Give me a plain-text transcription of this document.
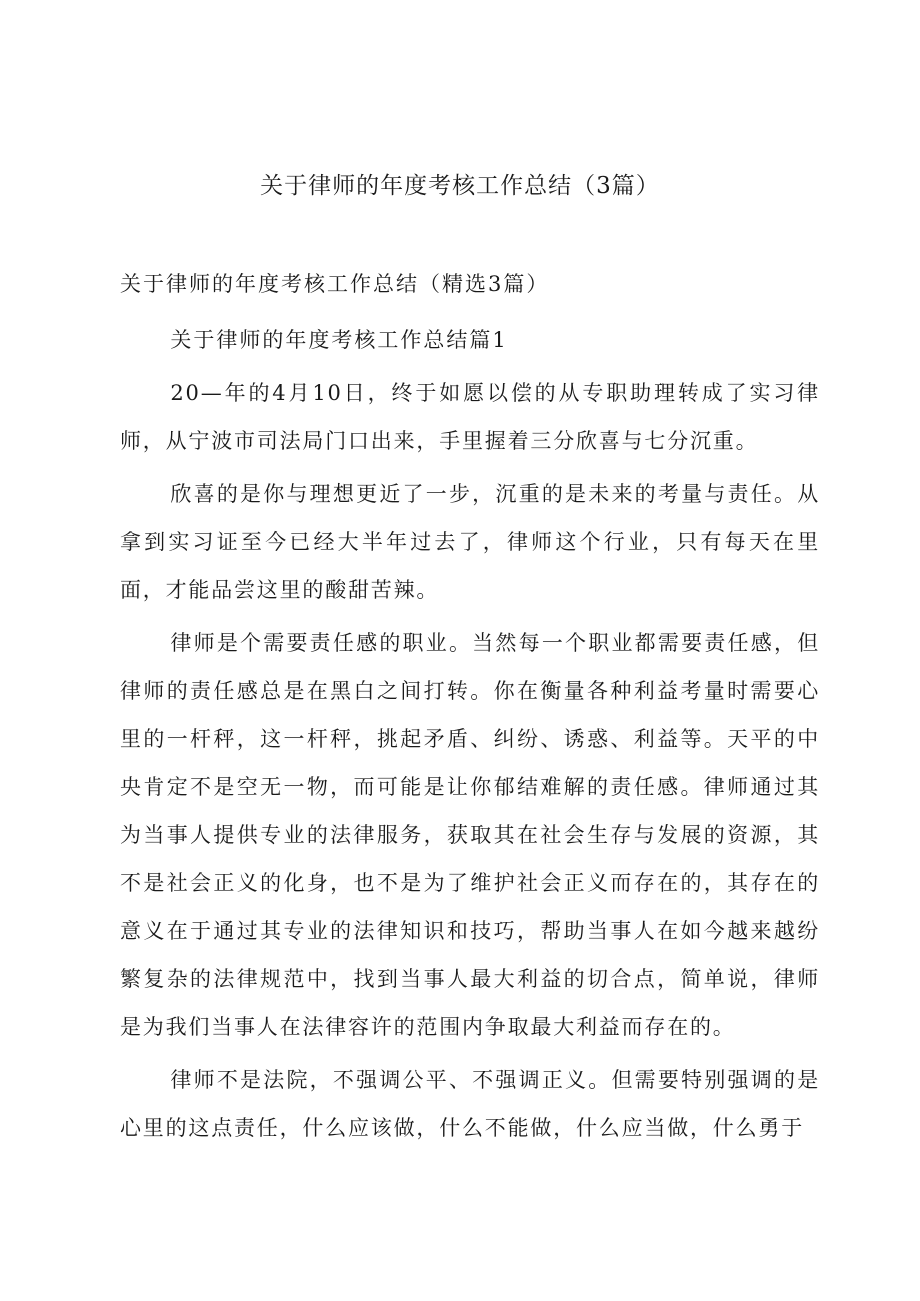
关于律师的年度考核工作总结（3篇）

关于律师的年度考核工作总结（精选3篇）

关于律师的年度考核工作总结篇1

20—年的4月10日，终于如愿以偿的从专职助理转成了实习律师，从宁波市司法局门口出来，手里握着三分欣喜与七分沉重。

欣喜的是你与理想更近了一步，沉重的是未来的考量与责任。从拿到实习证至今已经大半年过去了，律师这个行业，只有每天在里面，才能品尝这里的酸甜苦辣。

律师是个需要责任感的职业。当然每一个职业都需要责任感，但律师的责任感总是在黑白之间打转。你在衡量各种利益考量时需要心里的一杆秤，这一杆秤，挑起矛盾、纠纷、诱惑、利益等。天平的中央肯定不是空无一物，而可能是让你郁结难解的责任感。律师通过其为当事人提供专业的法律服务，获取其在社会生存与发展的资源，其不是社会正义的化身，也不是为了维护社会正义而存在的，其存在的意义在于通过其专业的法律知识和技巧，帮助当事人在如今越来越纷繁复杂的法律规范中，找到当事人最大利益的切合点，简单说，律师是为我们当事人在法律容许的范围内争取最大利益而存在的。

律师不是法院，不强调公平、不强调正义。但需要特别强调的是心里的这点责任，什么应该做，什么不能做，什么应当做，什么勇于
